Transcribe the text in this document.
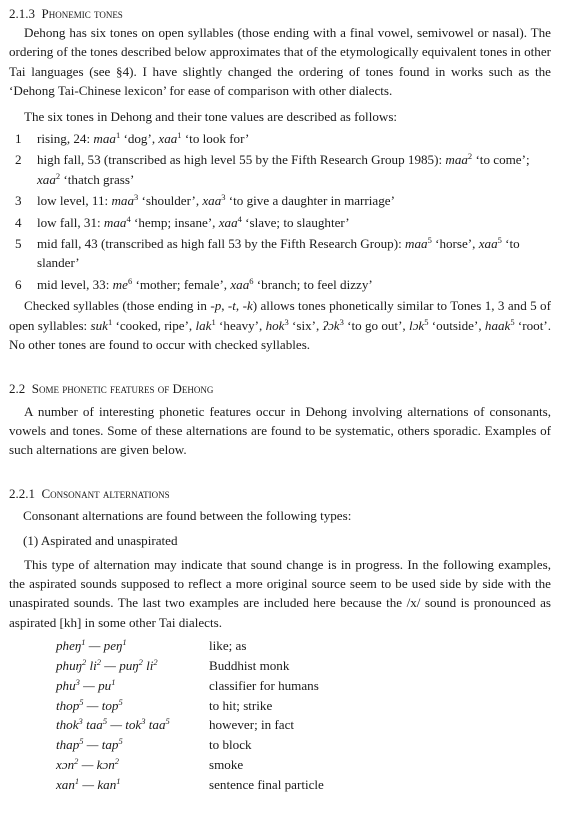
2.1.3 Phonemic tones

Dehong has six tones on open syllables (those ending with a final vowel, semivowel or nasal). The ordering of the tones described below approximates that of the etymologically equivalent tones in other Tai languages (see §4). I have slightly changed the ordering of tones found in works such as the ‘Dehong Tai-Chinese lexicon’ for ease of comparison with other dialects.

The six tones in Dehong and their tone values are described as follows:

1	rising, 24: maa$^1$ ‘dog’, xaa$^1$ ‘to look for’
2	high fall, 53 (transcribed as high level 55 by the Fifth Research Group 1985): maa$^2$ ‘to come’; xaa$^2$ ‘thatch grass’
3	low level, 11: maa$^3$ ‘shoulder’, xaa$^3$ ‘to give a daughter in marriage’
4	low fall, 31: maa$^4$ ‘hemp; insane’, xaa$^4$ ‘slave; to slaughter’
5	mid fall, 43 (transcribed as high fall 53 by the Fifth Research Group): maa$^5$ ‘horse’, xaa$^5$ ‘to slander’
6	mid level, 33: $me^6$ ‘mother; female’, xaa$^6$ ‘branch; to feel dizzy’

Checked syllables (those ending in -p, -t, -k) allows tones phonetically similar to Tones 1, 3 and 5 of open syllables: suk$^1$ ‘cooked, ripe’, lak$^1$ ‘heavy’, hok$^3$ ‘six’, ʔɔk$^3$ ‘to go out’, lɔk$^5$ ‘outside’, haak$^5$ ‘root’. No other tones are found to occur with checked syllables.

2.2 Some phonetic features of Dehong

A number of interesting phonetic features occur in Dehong involving alternations of consonants, vowels and tones. Some of these alternations are found to be systematic, others sporadic. Examples of such alternations are given below.

2.2.1 Consonant alternations

Consonant alternations are found between the following types:

(1) Aspirated and unaspirated

This type of alternation may indicate that sound change is in progress. In the following examples, the aspirated sounds supposed to reflect a more original source seem to be used side by side with the unaspirated sounds. The last two examples are included here because the /x/ sound is pronounced as aspirated [kh] in some other Tai dialects.

pheŋ$^1$ — peŋ$^1$	like; as
phuŋ$^2$ $li^2$ — puŋ$^2$ $li^2$	Buddhist monk
phu$^3$ — $pu^1$	classifier for humans
thop$^5$ — top$^5$	to hit; strike
thok$^3$ taa$^5$ — tok$^3$ taa$^5$	however; in fact
thap$^5$ — tap$^5$	to block
xɔn$^2$ — kɔn$^2$	smoke
xan$^1$ — kan$^1$	sentence final particle
